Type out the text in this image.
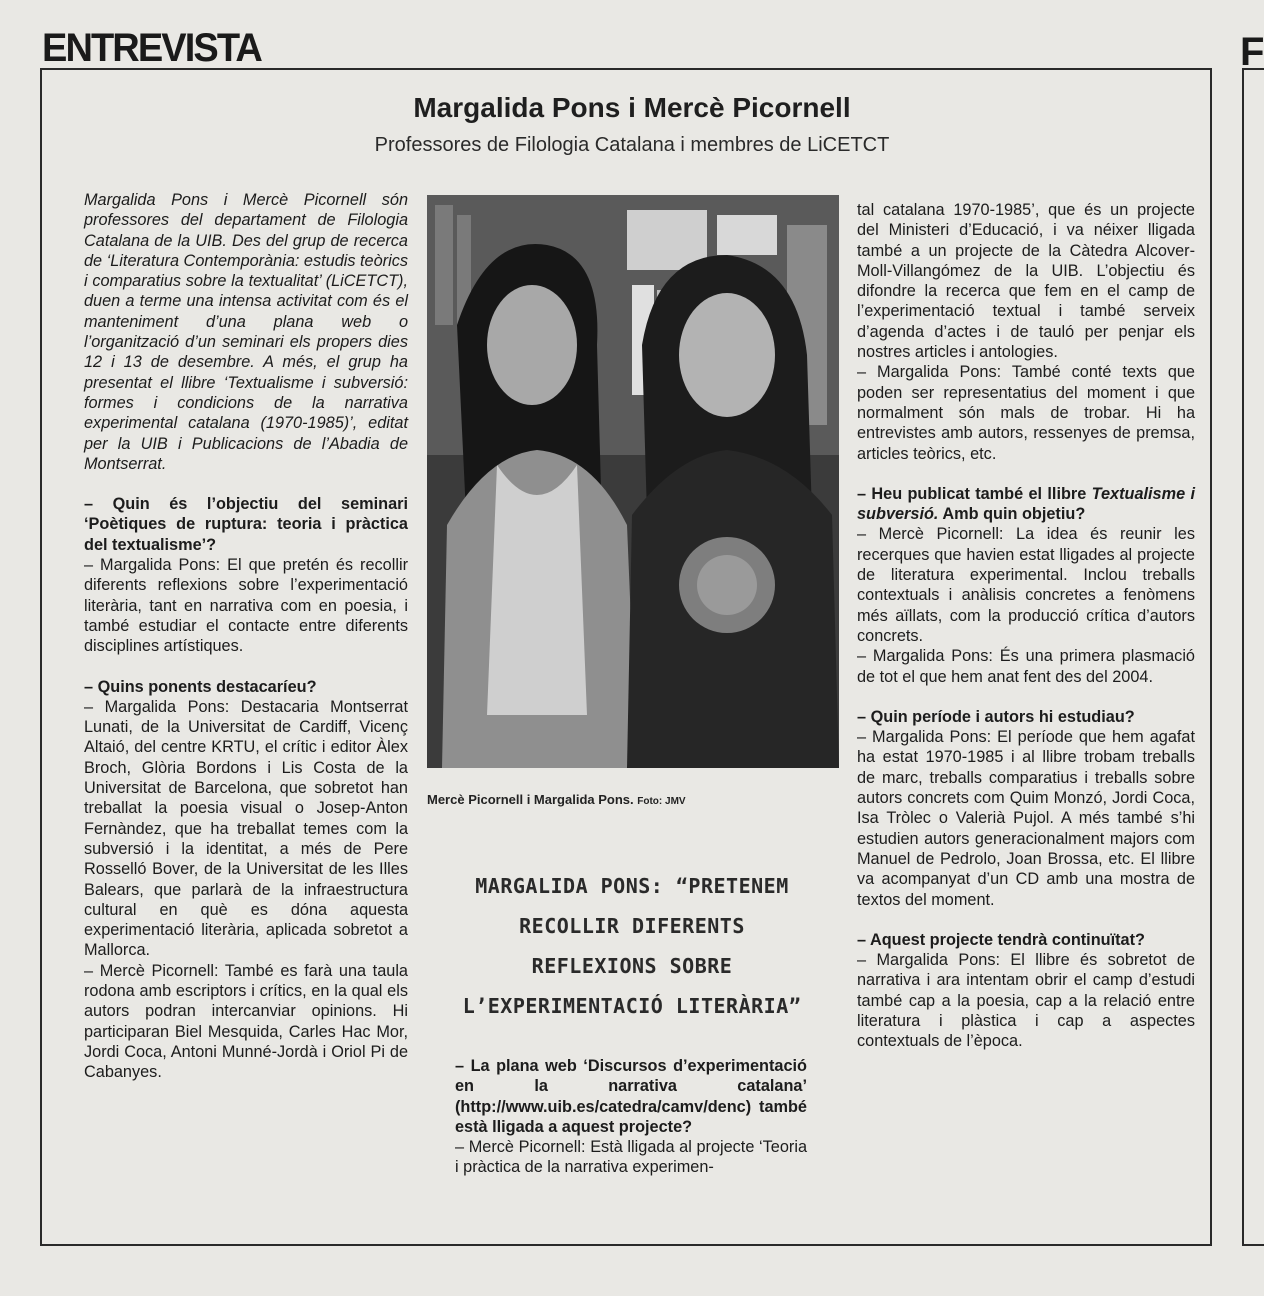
ENTREVISTA	F
Margalida Pons i Mercè Picornell
Professores de Filologia Catalana i membres de LiCETCT

Margalida Pons i Mercè Picornell són professores del departament de Filologia Catalana de la UIB. Des del grup de recerca de ‘Literatura Contemporània: estudis teòrics i comparatius sobre la textualitat’ (LiCETCT), duen a terme una intensa activitat com és el manteniment d’una plana web o l’organització d’un seminari els propers dies 12 i 13 de desembre. A més, el grup ha presentat el llibre ‘Textualisme i subversió: formes i condicions de la narrativa experimental catalana (1970-1985)’, editat per la UIB i Publicacions de l’Abadia de Montserrat.

– Quin és l’objectiu del seminari ‘Poètiques de ruptura: teoria i pràctica del textualisme’?

– Margalida Pons: El que pretén és recollir diferents reflexions sobre l’experimentació literària, tant en narrativa com en poesia, i també estudiar el contacte entre diferents disciplines artístiques.

– Quins ponents destacaríeu?

– Margalida Pons: Destacaria Montserrat Lunati, de la Universitat de Cardiff, Vicenç Altaió, del centre KRTU, el crític i editor Àlex Broch, Glòria Bordons i Lis Costa de la Universitat de Barcelona, que sobretot han treballat la poesia visual o Josep-Anton Fernàndez, que ha treballat temes com la subversió i la identitat, a més de Pere Rosselló Bover, de la Universitat de les Illes Balears, que parlarà de la infraestructura cultural en què es dóna aquesta experimentació literària, aplicada sobretot a Mallorca.

– Mercè Picornell: També es farà una taula rodona amb escriptors i crítics, en la qual els autors podran intercanviar opinions. Hi participaran Biel Mesquida, Carles Hac Mor, Jordi Coca, Antoni Munné-Jordà i Oriol Pi de Cabanyes.

Mercè Picornell i Margalida Pons. Foto: JMV
MARGALIDA PONS: “PRETENEM RECOLLIR DIFERENTS REFLEXIONS SOBRE L’EXPERIMENTACIÓ LITERÀRIA”

– La plana web ‘Discursos d’experimentació en la narrativa catalana’ (http://www.uib.es/catedra/camv/denc) també està lligada a aquest projecte?

– Mercè Picornell: Està lligada al projecte ‘Teoria i pràctica de la narrativa experimen-

tal catalana 1970-1985’, que és un projecte del Ministeri d’Educació, i va néixer lligada també a un projecte de la Càtedra Alcover-Moll-Villangómez de la UIB. L’objectiu és difondre la recerca que fem en el camp de l’experimentació textual i també serveix d’agenda d’actes i de tauló per penjar els nostres articles i antologies.

– Margalida Pons: També conté texts que poden ser representatius del moment i que normalment són mals de trobar. Hi ha entrevistes amb autors, ressenyes de premsa, articles teòrics, etc.

– Heu publicat també el llibre Textualisme i subversió. Amb quin objetiu?

– Mercè Picornell: La idea és reunir les recerques que havien estat lligades al projecte de literatura experimental. Inclou treballs contextuals i anàlisis concretes a fenòmens més aïllats, com la producció crítica d’autors concrets.

– Margalida Pons: És una primera plasmació de tot el que hem anat fent des del 2004.

– Quin període i autors hi estudiau?

– Margalida Pons: El període que hem agafat ha estat 1970-1985 i al llibre trobam treballs de marc, treballs comparatius i treballs sobre autors concrets com Quim Monzó, Jordi Coca, Isa Tròlec o Valerià Pujol. A més també s’hi estudien autors generacionalment majors com Manuel de Pedrolo, Joan Brossa, etc. El llibre va acompanyat d’un CD amb una mostra de textos del moment.

– Aquest projecte tendrà continuïtat?

– Margalida Pons: El llibre és sobretot de narrativa i ara intentam obrir el camp d’estudi també cap a la poesia, cap a la relació entre literatura i plàstica i cap a aspectes contextuals de l’època.
